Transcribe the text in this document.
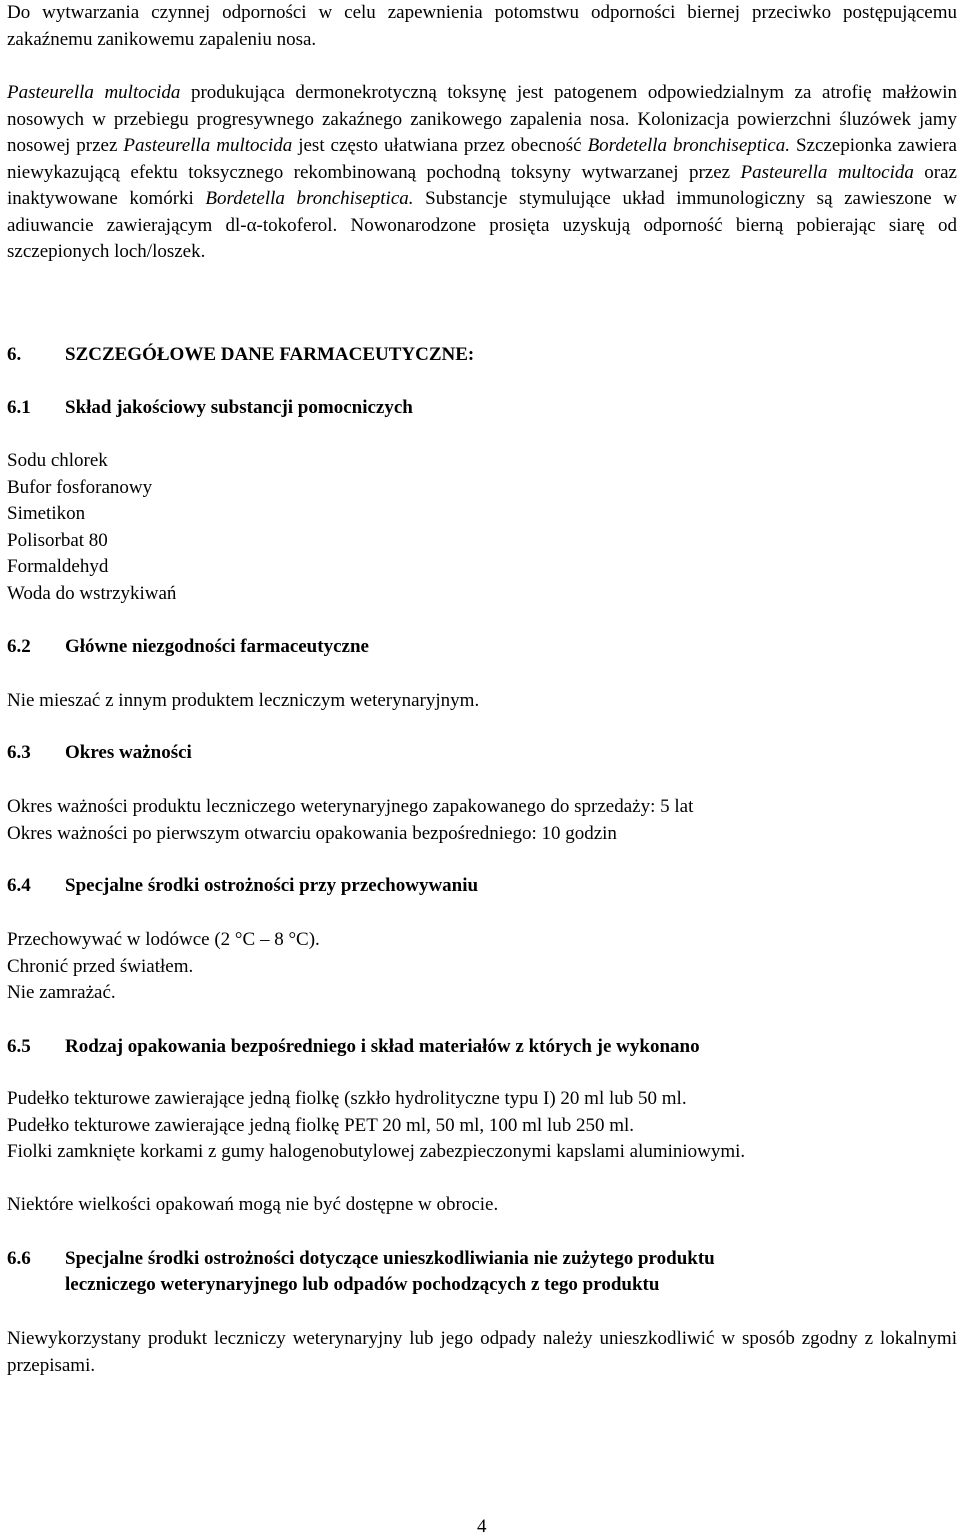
Do wytwarzania czynnej odporności w celu zapewnienia potomstwu odporności biernej przeciwko postępującemu zakaźnemu zanikowemu zapaleniu nosa.

Pasteurella multocida produkująca dermonekrotyczną toksynę jest patogenem odpowiedzialnym za atrofię małżowin nosowych w przebiegu progresywnego zakaźnego zanikowego zapalenia nosa. Kolonizacja powierzchni śluzówek jamy nosowej przez Pasteurella multocida jest często ułatwiana przez obecność Bordetella bronchiseptica. Szczepionka zawiera niewykazującą efektu toksycznego rekombinowaną pochodną toksyny wytwarzanej przez Pasteurella multocida oraz inaktywowane komórki Bordetella bronchiseptica. Substancje stymulujące układ immunologiczny są zawieszone w adiuwancie zawierającym dl-α-tokoferol. Nowonarodzone prosięta uzyskują odporność bierną pobierając siarę od szczepionych loch/loszek.

6. SZCZEGÓŁOWE DANE FARMACEUTYCZNE:
6.1 Skład jakościowy substancji pomocniczych
Sodu chlorek
Bufor fosforanowy
Simetikon
Polisorbat 80
Formaldehyd
Woda do wstrzykiwań
6.2 Główne niezgodności farmaceutyczne
Nie mieszać z innym produktem leczniczym weterynaryjnym.
6.3 Okres ważności
Okres ważności produktu leczniczego weterynaryjnego zapakowanego do sprzedaży: 5 lat
Okres ważności po pierwszym otwarciu opakowania bezpośredniego: 10 godzin
6.4 Specjalne środki ostrożności przy przechowywaniu
Przechowywać w lodówce (2 °C – 8 °C).
Chronić przed światłem.
Nie zamrażać.
6.5 Rodzaj opakowania bezpośredniego i skład materiałów z których je wykonano
Pudełko tekturowe zawierające jedną fiolkę (szkło hydrolityczne typu I) 20 ml lub 50 ml.
Pudełko tekturowe zawierające jedną fiolkę PET 20 ml, 50 ml, 100 ml lub 250 ml.
Fiolki zamknięte korkami z gumy halogenobutylowej zabezpieczonymi kapslami aluminiowymi.
Niektóre wielkości opakowań mogą nie być dostępne w obrocie.
6.6 Specjalne środki ostrożności dotyczące unieszkodliwiania nie zużytego produktu
leczniczego weterynaryjnego lub odpadów pochodzących z tego produktu

Niewykorzystany produkt leczniczy weterynaryjny lub jego odpady należy unieszkodliwić w sposób zgodny z lokalnymi przepisami.

4
